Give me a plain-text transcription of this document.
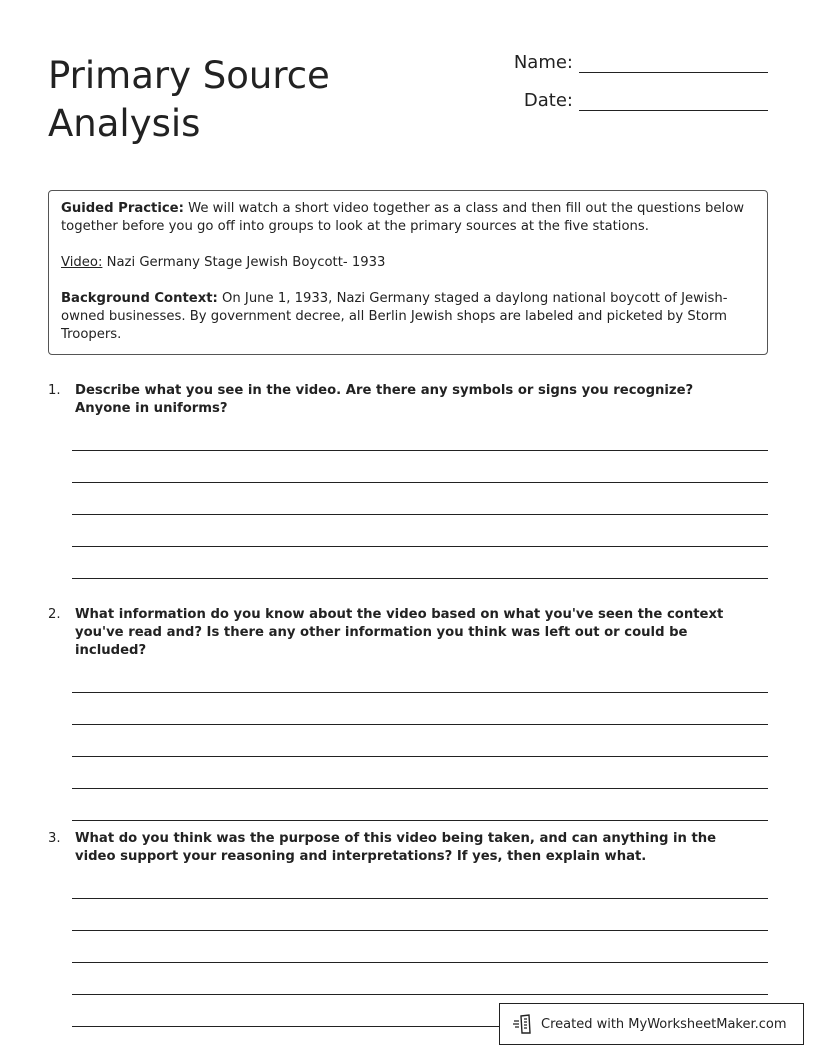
Primary Source Analysis
Name:
Date:

Guided Practice: We will watch a short video together as a class and then fill out the questions below together before you go off into groups to look at the primary sources at the five stations.

Video: Nazi Germany Stage Jewish Boycott- 1933

Background Context: On June 1, 1933, Nazi Germany staged a daylong national boycott of Jewish-owned businesses. By government decree, all Berlin Jewish shops are labeled and picketed by Storm Troopers.

1.	Describe what you see in the video. Are there any symbols or signs you recognize? Anyone in uniforms?
2.	What information do you know about the video based on what you've seen the context you've read and? Is there any other information you think was left out or could be included?
3.	What do you think was the purpose of this video being taken, and can anything in the video support your reasoning and interpretations? If yes, then explain what.
Created with MyWorksheetMaker.com
